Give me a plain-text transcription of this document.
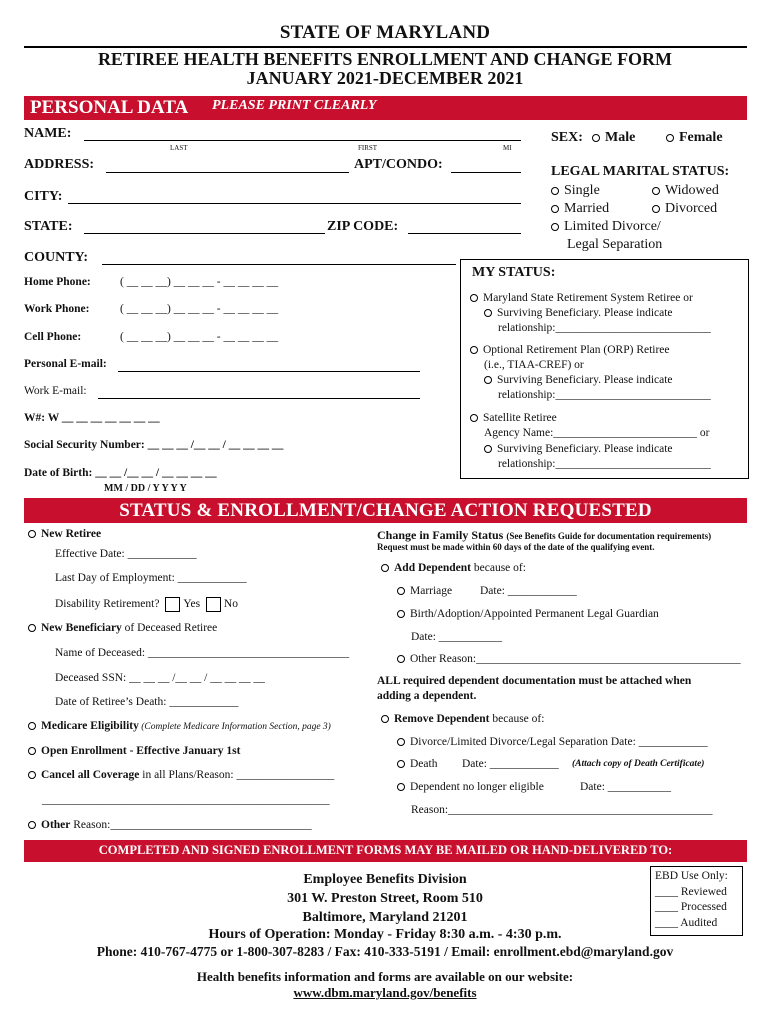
STATE OF MARYLAND
RETIREE HEALTH BENEFITS ENROLLMENT AND CHANGE FORM
JANUARY 2021-DECEMBER 2021
PERSONAL DATA PLEASE PRINT CLEARLY
NAME:
LAST	FIRST	MI
ADDRESS:	APT/CONDO:
CITY:
STATE:	ZIP CODE:
COUNTY:
Home Phone:	( __ __ __) __ __ __ - __ __ __ __
Work Phone:	( __ __ __) __ __ __ - __ __ __ __
Cell Phone:	( __ __ __) __ __ __ - __ __ __ __
Personal E-mail:
Work E-mail:
W#: W __ __ __ __ __ __ __
Social Security Number: __ __ __ /__ __ / __ __ __ __
Date of Birth: __ __ /__ __ / __ __ __ __
MM / DD / Y Y Y Y
SEX:	Male	Female
LEGAL MARITAL STATUS:
Single	Widowed
Married	Divorced
Limited Divorce/
Legal Separation
MY STATUS:
Maryland State Retirement System Retiree or
Surviving Beneficiary. Please indicate
relationship:___________________________
Optional Retirement Plan (ORP) Retiree
(i.e., TIAA-CREF) or
Surviving Beneficiary. Please indicate
relationship:___________________________
Satellite Retiree
Agency Name:_________________________ or
Surviving Beneficiary. Please indicate
relationship:___________________________
STATUS & ENROLLMENT/CHANGE ACTION REQUESTED
New Retiree
Effective Date: ____________
Last Day of Employment: ____________
Disability Retirement? Yes No
New Beneficiary of Deceased Retiree
Name of Deceased: ___________________________________
Deceased SSN: __ __ __ /__ __ / __ __ __ __
Date of Retiree’s Death: ____________
Medicare Eligibility (Complete Medicare Information Section, page 3)
Open Enrollment - Effective January 1st
Cancel all Coverage in all Plans/Reason: _________________
__________________________________________________
Other Reason:___________________________________
Change in Family Status (See Benefits Guide for documentation requirements)
Request must be made within 60 days of the date of the qualifying event.
Add Dependent because of:
Marriage Date: ____________
Birth/Adoption/Appointed Permanent Legal Guardian
Date: ___________
Other Reason:______________________________________________
ALL required dependent documentation must be attached when
adding a dependent.
Remove Dependent because of:
Divorce/Limited Divorce/Legal Separation Date: ____________
Death Date: ____________ (Attach copy of Death Certificate)
Dependent no longer eligible	Date: ___________
Reason:______________________________________________
COMPLETED AND SIGNED ENROLLMENT FORMS MAY BE MAILED OR HAND-DELIVERED TO:
Employee Benefits Division
301 W. Preston Street, Room 510
Baltimore, Maryland 21201
EBD Use Only:
____ Reviewed
____ Processed
____ Audited
Hours of Operation: Monday - Friday 8:30 a.m. - 4:30 p.m.
Phone: 410-767-4775 or 1-800-307-8283 / Fax: 410-333-5191 / Email: enrollment.ebd@maryland.gov
Health benefits information and forms are available on our website:
www.dbm.maryland.gov/benefits
